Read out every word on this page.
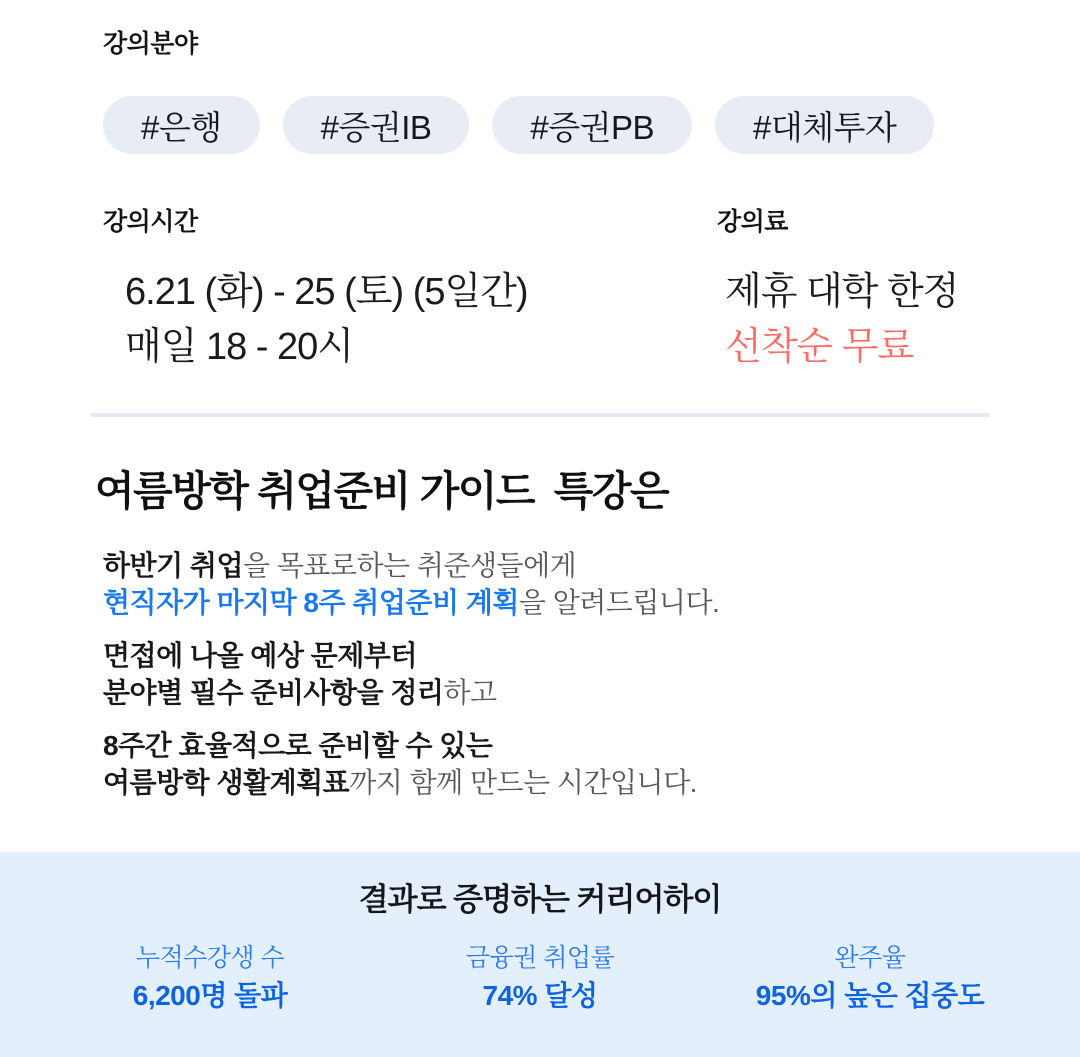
강의분야
#은행	#증권IB	#증권PB	#대체투자
강의시간
6.21 (화) - 25 (토) (5일간)
매일 18 - 20시
강의료
제휴 대학 한정
선착순 무료
여름방학 취업준비 가이드  특강은

하반기 취업을 목표로하는 취준생들에게
현직자가 마지막 8주 취업준비 계획을 알려드립니다.

면접에 나올 예상 문제부터
분야별 필수 준비사항을 정리하고

8주간 효율적으로 준비할 수 있는
여름방학 생활계획표까지 함께 만드는 시간입니다.

결과로 증명하는 커리어하이
누적수강생 수
6,200명 돌파
금융권 취업률
74% 달성
완주율
95%의 높은 집중도
